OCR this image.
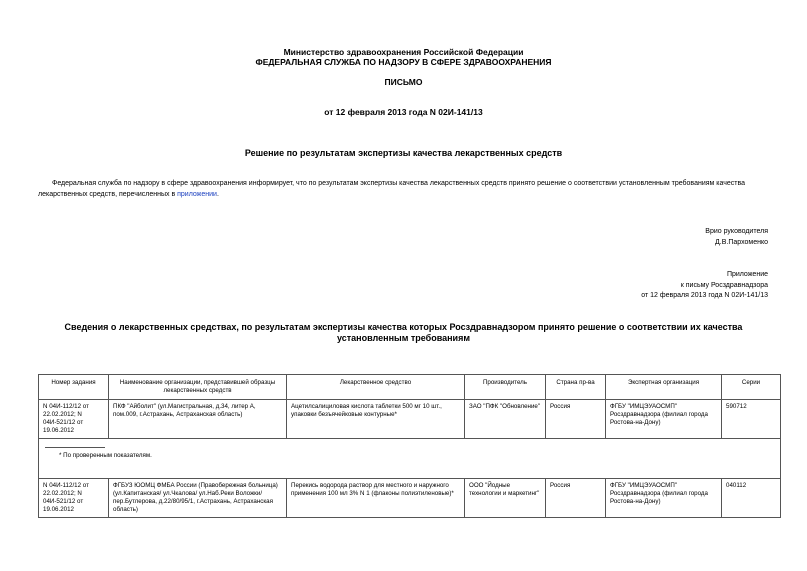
Министерство здравоохранения Российской Федерации
ФЕДЕРАЛЬНАЯ СЛУЖБА ПО НАДЗОРУ В СФЕРЕ ЗДРАВООХРАНЕНИЯ
ПИСЬМО
от 12 февраля 2013 года N 02И-141/13
Решение по результатам экспертизы качества лекарственных средств
Федеральная служба по надзору в сфере здравоохранения информирует, что по результатам экспертизы качества лекарственных средств принято решение о соответствии установленным требованиям качества лекарственных средств, перечисленных в приложении.
Врио руководителя
Д.В.Пархоменко
Приложение
к письму Росздравнадзора
от 12 февраля 2013 года N 02И-141/13
Сведения о лекарственных средствах, по результатам экспертизы качества которых Росздравнадзором принято решение о соответствии их качества установленным требованиям
Номер задания	Наименование организации, представившей образцы лекарственных средств	Лекарственное средство	Производитель	Страна пр-ва	Экспертная организация	Серии
N 04И-112/12 от 22.02.2012; N 04И-521/12 от 19.06.2012	ПКФ "Айболит" (ул.Магистральная, д.34, литер А, пом.009, г.Астрахань, Астраханская область)	Ацетилсалициловая кислота таблетки 500 мг 10 шт., упаковки безъячейковые контурные*	ЗАО "ПФК "Обновление"	Россия	ФГБУ "ИМЦЭУАОСМП" Росздравнадзора (филиал города Ростова-на-Дону)	590712

* По проверенным показателям.						
N 04И-112/12 от 22.02.2012; N 04И-521/12 от 19.06.2012	ФГБУЗ ЮОМЦ ФМБА России (Правобережная больница) (ул.Капитанская/ ул.Чкалова/ ул.Наб.Реки Воложки/ пер.Бутлерова, д.22/80/95/1, г.Астрахань, Астраханская область)	Перекись водорода раствор для местного и наружного применения 100 мл 3% N 1 (флаконы полиэтиленовые)*	ООО "Йодные технологии и маркетинг"	Россия	ФГБУ "ИМЦЭУАОСМП" Росздравнадзора (филиал города Ростова-на-Дону)	040112
